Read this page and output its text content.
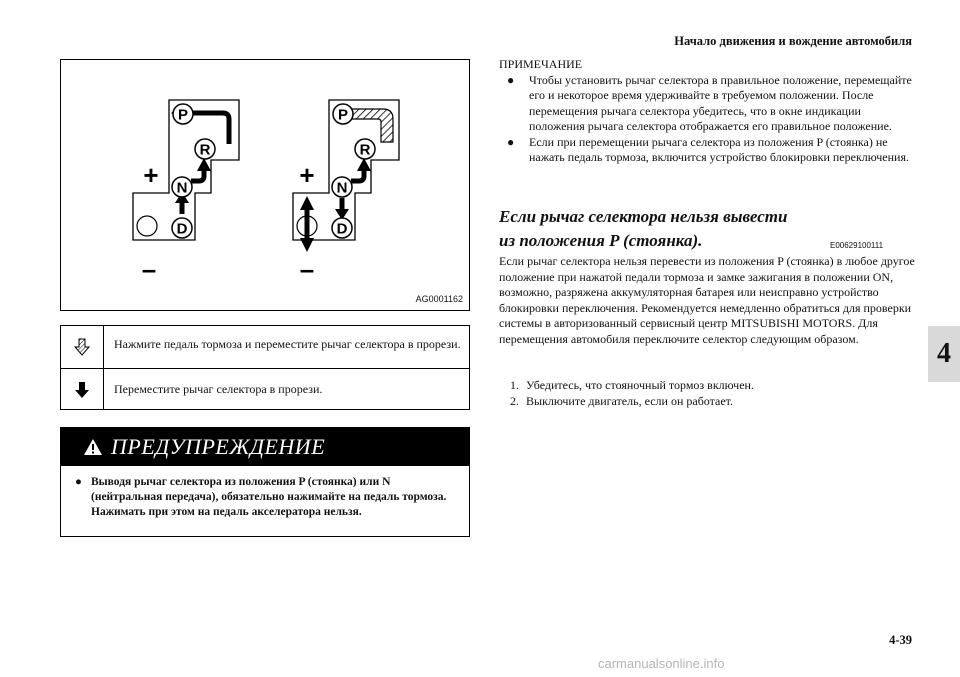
Начало движения и вождение автомобиля
4
P
R
N
D
+
–
P
R
N
D
+
–
AG0001162
Нажмите педаль тормоза и переместите рычаг селектора в прорези.
Переместите рычаг селектора в прорези.
ПРЕДУПРЕЖДЕНИЕ
● Выводя рычаг селектора из положения P (стоянка) или N (нейтральная передача), обязательно нажимайте на педаль тормоза.
Нажимать при этом на педаль акселератора нельзя.
ПРИМЕЧАНИЕ
●	Чтобы установить рычаг селектора в правильное положение, перемещайте его и некоторое время удерживайте в требуемом положении. После перемещения рычага селектора убедитесь, что в окне индикации положения рычага селектора отображается его правильное положение.
●	Если при перемещении рычага селектора из положения P (стоянка) не нажать педаль тормоза, включится устройство блокировки переключения.
Если рычаг селектора нельзя вывести
из положения P (стоянка).	E00629100111
Если рычаг селектора нельзя перевести из положения P (стоянка) в любое другое положение при нажатой педали тормоза и замке зажигания в положении ON, возможно, разряжена аккумуляторная батарея или неисправно устройство блокировки переключения. Рекомендуется немедленно обратиться для проверки системы в авторизованный сервисный центр MITSUBISHI MOTORS. Для перемещения автомобиля переключите селектор следующим образом.
1. Убедитесь, что стояночный тормоз включен.
2. Выключите двигатель, если он работает.
4-39
carmanualsonline.info
